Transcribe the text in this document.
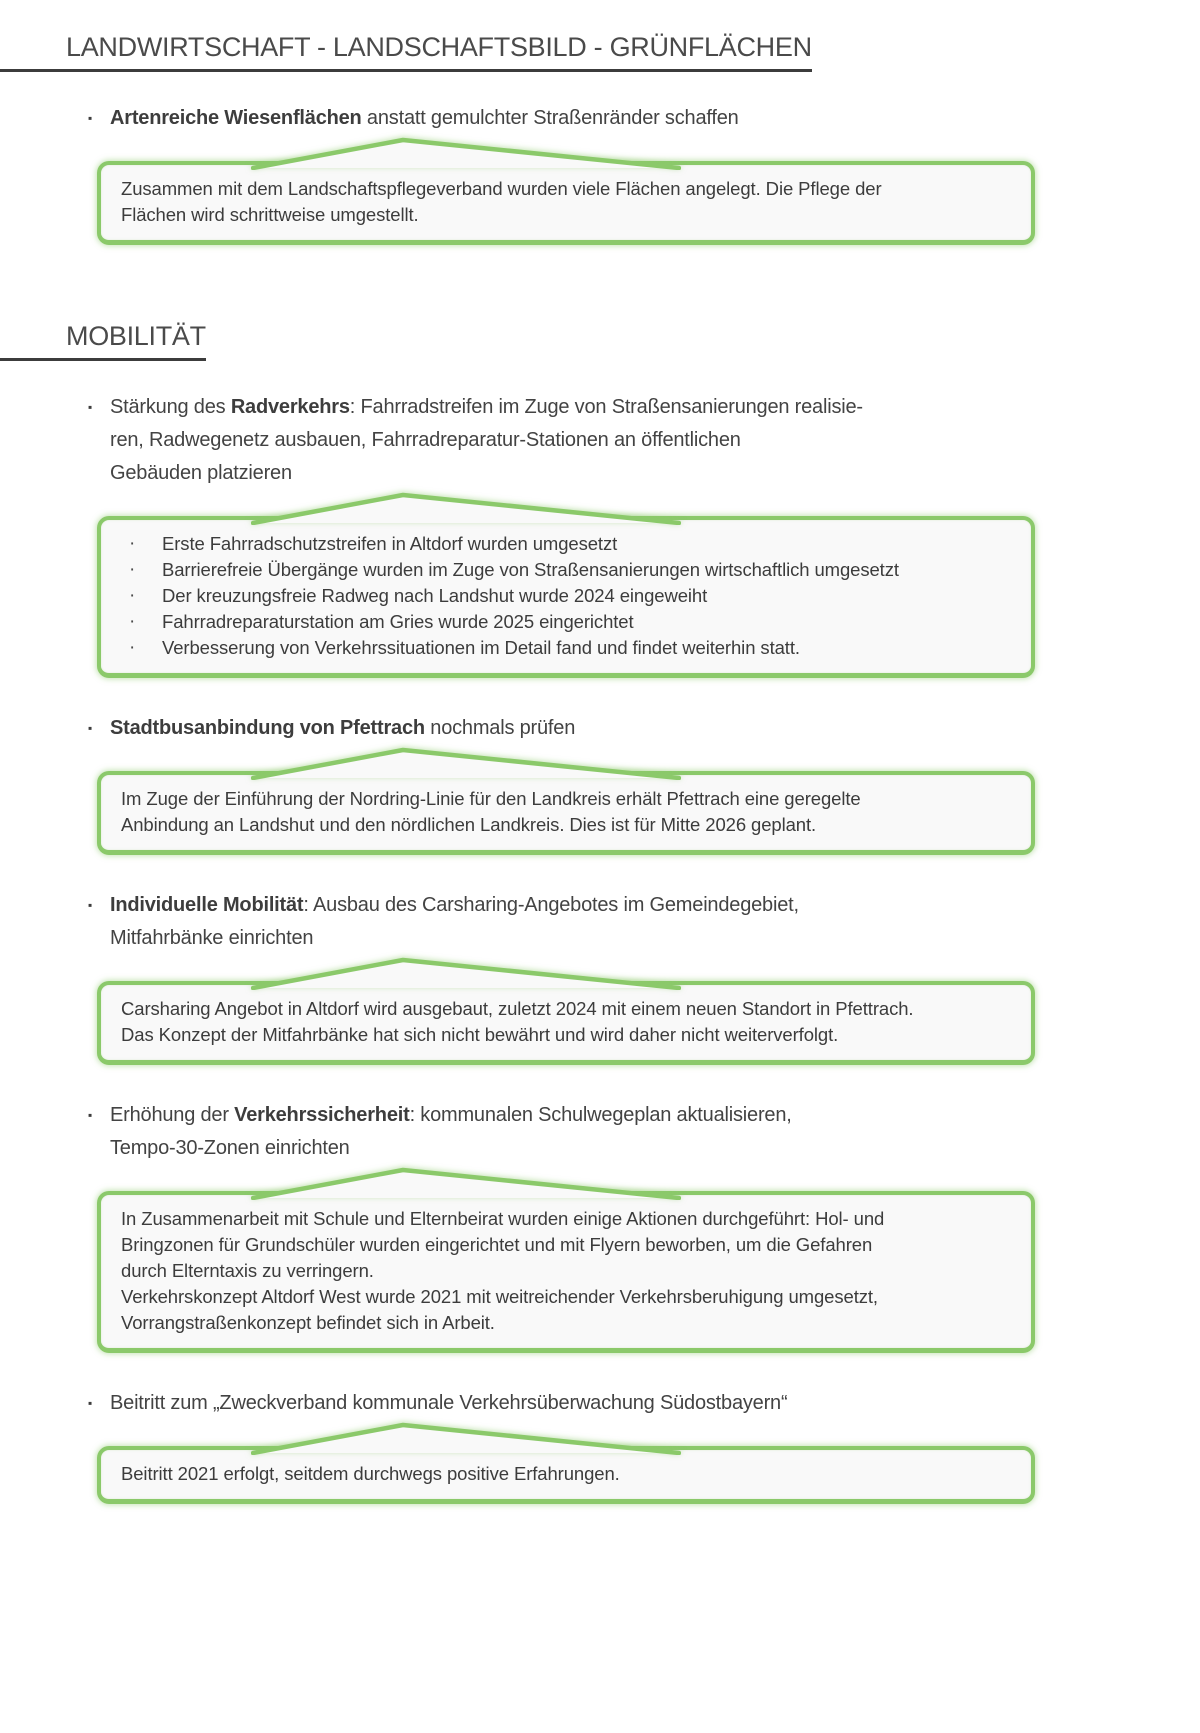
LANDWIRTSCHAFT - LANDSCHAFTSBILD - GRÜNFLÄCHEN
▪ Artenreiche Wiesenflächen anstatt gemulchter Straßenränder schaffen
Zusammen mit dem Landschaftspflegeverband wurden viele Flächen angelegt. Die Pflege der
Flächen wird schrittweise umgestellt.
MOBILITÄT
▪ Stärkung des Radverkehrs: Fahrradstreifen im Zuge von Straßensanierungen realisie-
ren, Radwegenetz ausbauen, Fahrradreparatur-Stationen an öffentlichen
Gebäuden platzieren
·	Erste Fahrradschutzstreifen in Altdorf wurden umgesetzt
·	Barrierefreie Übergänge wurden im Zuge von Straßensanierungen wirtschaftlich umgesetzt
·	Der kreuzungsfreie Radweg nach Landshut wurde 2024 eingeweiht
·	Fahrradreparaturstation am Gries wurde 2025 eingerichtet
·	Verbesserung von Verkehrssituationen im Detail fand und findet weiterhin statt.
▪ Stadtbusanbindung von Pfettrach nochmals prüfen
Im Zuge der Einführung der Nordring-Linie für den Landkreis erhält Pfettrach eine geregelte
Anbindung an Landshut und den nördlichen Landkreis. Dies ist für Mitte 2026 geplant.
▪ Individuelle Mobilität: Ausbau des Carsharing-Angebotes im Gemeindegebiet,
Mitfahrbänke einrichten
Carsharing Angebot in Altdorf wird ausgebaut, zuletzt 2024 mit einem neuen Standort in Pfettrach.
Das Konzept der Mitfahrbänke hat sich nicht bewährt und wird daher nicht weiterverfolgt.
▪ Erhöhung der Verkehrssicherheit: kommunalen Schulwegeplan aktualisieren,
Tempo-30-Zonen einrichten
In Zusammenarbeit mit Schule und Elternbeirat wurden einige Aktionen durchgeführt: Hol- und
Bringzonen für Grundschüler wurden eingerichtet und mit Flyern beworben, um die Gefahren
durch Elterntaxis zu verringern.
Verkehrskonzept Altdorf West wurde 2021 mit weitreichender Verkehrsberuhigung umgesetzt,
Vorrangstraßenkonzept befindet sich in Arbeit.
▪ Beitritt zum „Zweckverband kommunale Verkehrsüberwachung Südostbayern“
Beitritt 2021 erfolgt, seitdem durchwegs positive Erfahrungen.
